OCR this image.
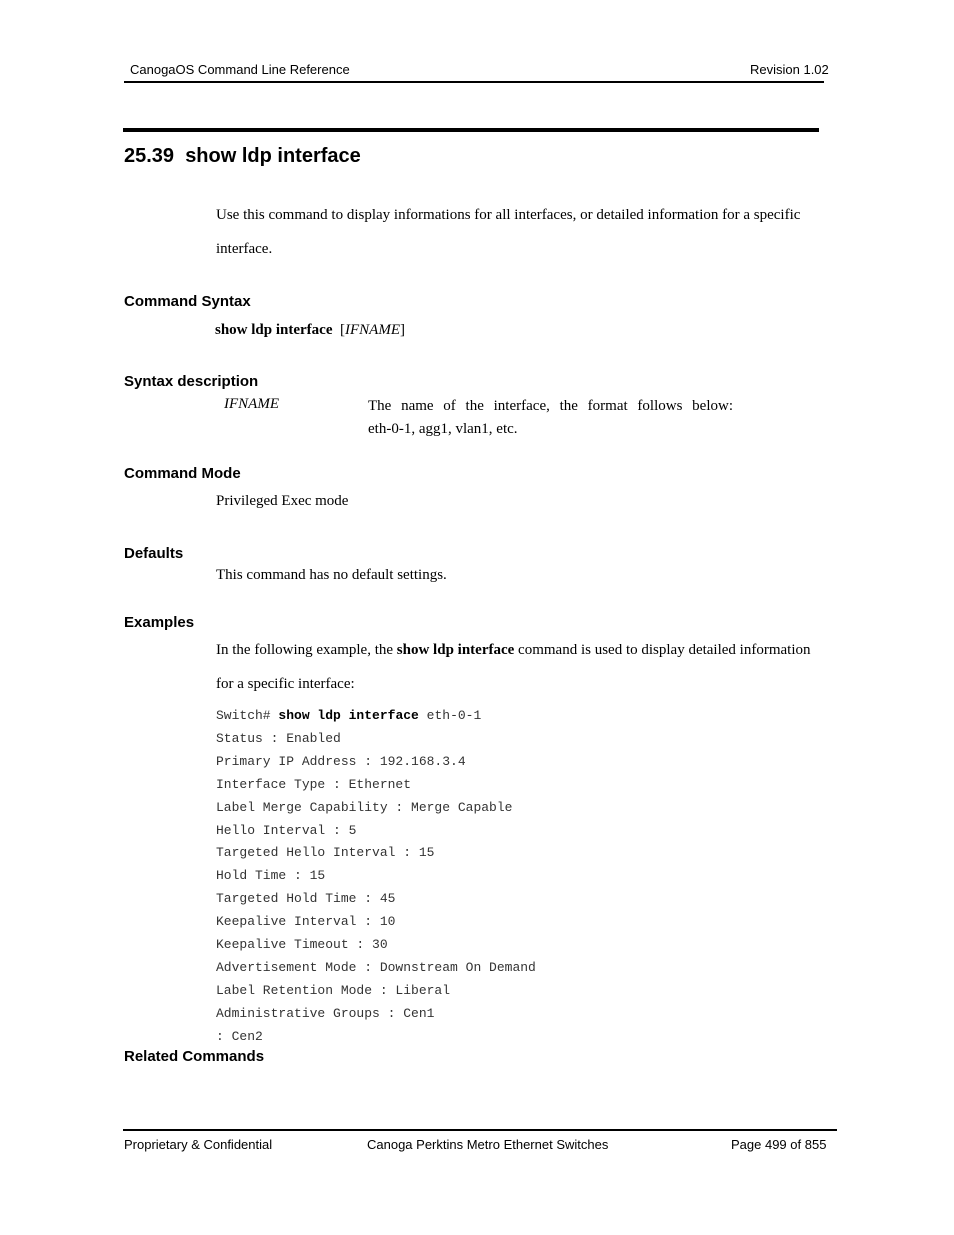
CanogaOS Command Line Reference	Revision 1.02
25.39 show ldp interface
Use this command to display informations for all interfaces, or detailed information for a specific
interface.
Command Syntax
show ldp interface [IFNAME]
Syntax description
IFNAME	The name of the interface, the format follows below:
eth-0-1, agg1, vlan1, etc.
Command Mode
Privileged Exec mode
Defaults
This command has no default settings.
Examples
In the following example, the show ldp interface command is used to display detailed information
for a specific interface:
Switch# show ldp interface eth-0-1
Status : Enabled
Primary IP Address : 192.168.3.4
Interface Type : Ethernet
Label Merge Capability : Merge Capable
Hello Interval : 5
Targeted Hello Interval : 15
Hold Time : 15
Targeted Hold Time : 45
Keepalive Interval : 10
Keepalive Timeout : 30
Advertisement Mode : Downstream On Demand
Label Retention Mode : Liberal
Administrative Groups : Cen1
: Cen2
Related Commands
Proprietary & Confidential	Canoga Perktins Metro Ethernet Switches	Page 499 of 855
